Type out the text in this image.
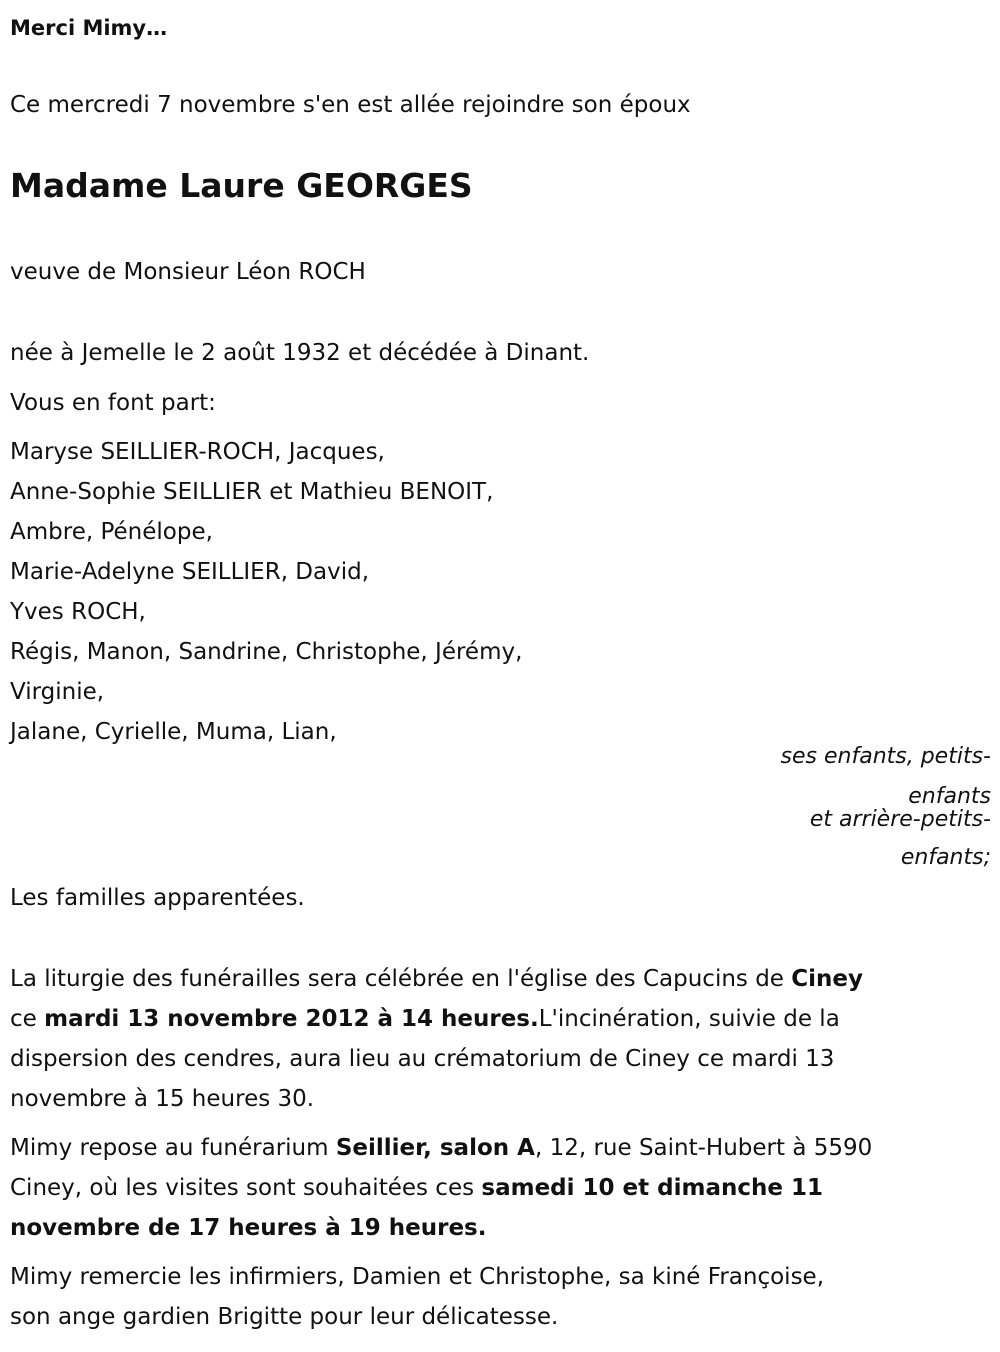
Merci Mimy…
Ce mercredi 7 novembre s'en est allée rejoindre son époux
Madame Laure GEORGES
veuve de Monsieur Léon ROCH
née à Jemelle le 2 août 1932 et décédée à Dinant.
Vous en font part:
Maryse SEILLIER-ROCH, Jacques,
Anne-Sophie SEILLIER et Mathieu BENOIT,
Ambre, Pénélope,
Marie-Adelyne SEILLIER, David,
Yves ROCH,
Régis, Manon, Sandrine, Christophe, Jérémy,
Virginie,
Jalane, Cyrielle, Muma, Lian,
ses enfants, petits-
enfants
et arrière-petits-
enfants;
Les familles apparentées.
La liturgie des funérailles sera célébrée en l'église des Capucins de Ciney
ce mardi 13 novembre 2012 à 14 heures.L'incinération, suivie de la
dispersion des cendres, aura lieu au crématorium de Ciney ce mardi 13
novembre à 15 heures 30.
Mimy repose au funérarium Seillier, salon A, 12, rue Saint-Hubert à 5590
Ciney, où les visites sont souhaitées ces samedi 10 et dimanche 11
novembre de 17 heures à 19 heures.
Mimy remercie les infirmiers, Damien et Christophe, sa kiné Françoise,
son ange gardien Brigitte pour leur délicatesse.
